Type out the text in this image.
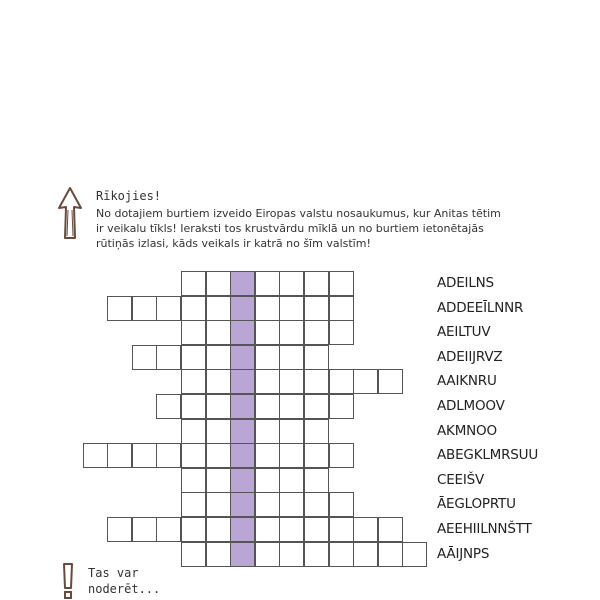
Rīkojies!
No dotajiem burtiem izveido Eiropas valstu nosaukumus, kur Anitas tētim
ir veikalu tīkls! Ieraksti tos krustvārdu mīklā un no burtiem ietonētajās
rūtiņās izlasi, kāds veikals ir katrā no šīm valstīm!
ADEILNS
ADDEEĪLNNR
AEILTUV
ADEIIJRVZ
AAIKNRU
ADLMOOV
AKMNOO
ABEGKLMRSUU
CEEIŠV
ĀEGLOPRTU
AEEHIILNNŠTT
AĀIJNPS
Tas var
noderēt...
